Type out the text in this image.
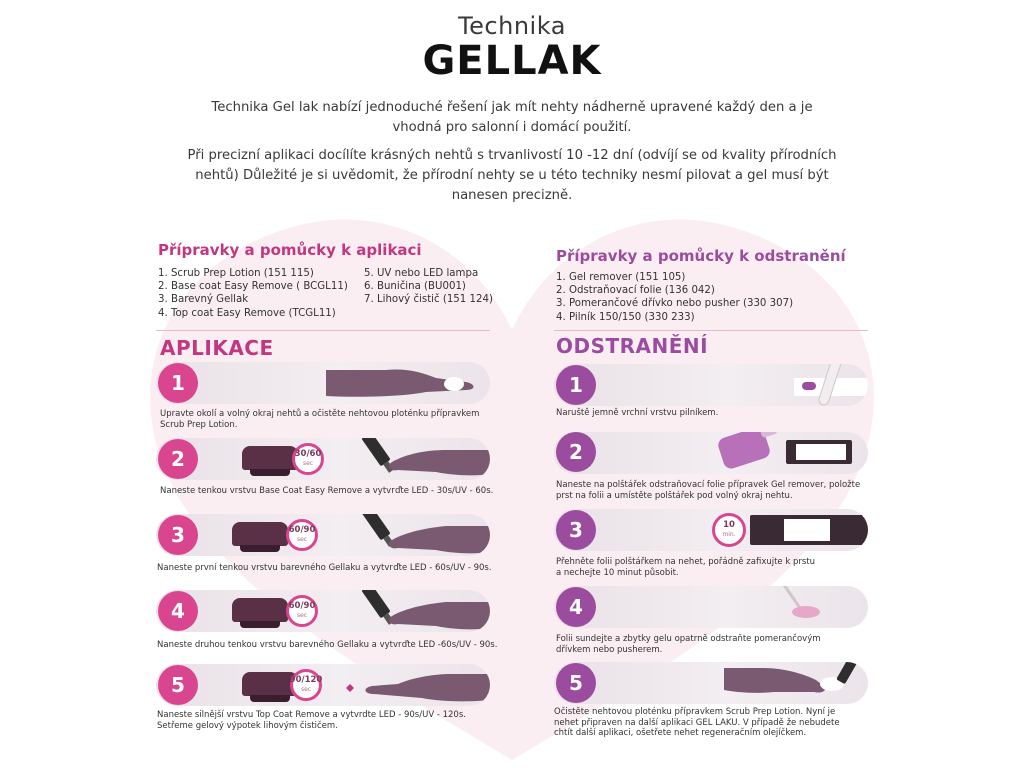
Technika
GELLAK
Technika Gel lak nabízí jednoduché řešení jak mít nehty nádherně upravené každý den a je
vhodná pro salonní i domácí použití.
Při precizní aplikaci docílíte krásných nehtů s trvanlivostí 10 -12 dní (odvíjí se od kvality přírodních
nehtů) Důležité je si uvědomit, že přírodní nehty se u této techniky nesmí pilovat a gel musí být
nanesen precizně.
Přípravky a pomůcky k aplikaci
1. Scrub Prep Lotion (151 115)
2. Base coat Easy Remove ( BCGL11)
3. Barevný Gellak
4. Top coat Easy Remove (TCGL11)
5. UV nebo LED lampa
6. Buničina (BU001)
7. Lihový čistič (151 124)
Přípravky a pomůcky k odstranění
1. Gel remover (151 105)
2. Odstraňovací folie (136 042)
3. Pomerančové dřívko nebo pusher (330 307)
4. Pilník 150/150 (330 233)
APLIKACE	ODSTRANĚNÍ
1
Upravte okolí a volný okraj nehtů a očistěte nehtovou ploténku přípravkem
Scrub Prep Lotion.
30/60
sec
2
Naneste tenkou vrstvu Base Coat Easy Remove a vytvrďte LED - 30s/UV - 60s.
60/90
sec
3
Naneste první tenkou vrstvu barevného Gellaku a vytvrďte LED - 60s/UV - 90s.
60/90
sec
4
Naneste druhou tenkou vrstvu barevného Gellaku a vytvrďte LED -60s/UV - 90s.
90/120
sec
5
Naneste silnější vrstvu Top Coat Remove a vytvrdte LED - 90s/UV - 120s.
Setřeme gelový výpotek lihovým čističem.
1
Naruště jemně vrchní vrstvu pilníkem.
2
Naneste na polštářek odstraňovací folie přípravek Gel remover, položte
prst na folii a umístěte polštářek pod volný okraj nehtu.
10
min.
3
Přehněte folii polštářkem na nehet, pořádně zafixujte k prstu
a nechejte 10 minut působit.
4
Folii sundejte a zbytky gelu opatrně odstraňte pomerančovým
dřívkem nebo pusherem.
5
Očistěte nehtovou ploténku přípravkem Scrub Prep Lotion. Nyní je
nehet připraven na další aplikaci GEL LAKU. V případě že nebudete
chtít další aplikaci, ošetřete nehet regeneračním olejíčkem.
